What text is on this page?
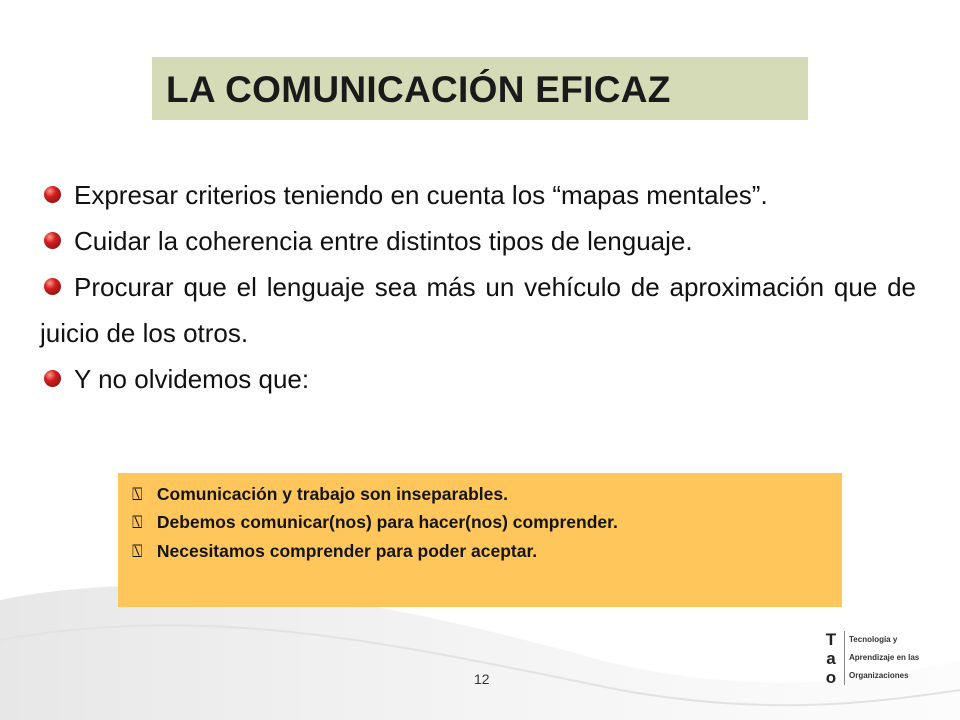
LA COMUNICACIÓN EFICAZ
Expresar criterios teniendo en cuenta los “mapas mentales”.
Cuidar la coherencia entre distintos tipos de lenguaje.
Procurar que el lenguaje sea más un vehículo de aproximación que de juicio de los otros.
Y no olvidemos que:
⍂ Comunicación y trabajo son inseparables.
⍂ Debemos comunicar(nos) para hacer(nos) comprender.
⍂ Necesitamos comprender para poder aceptar.
12
T
a
o
Tecnología y
Aprendizaje en las
Organizaciones
